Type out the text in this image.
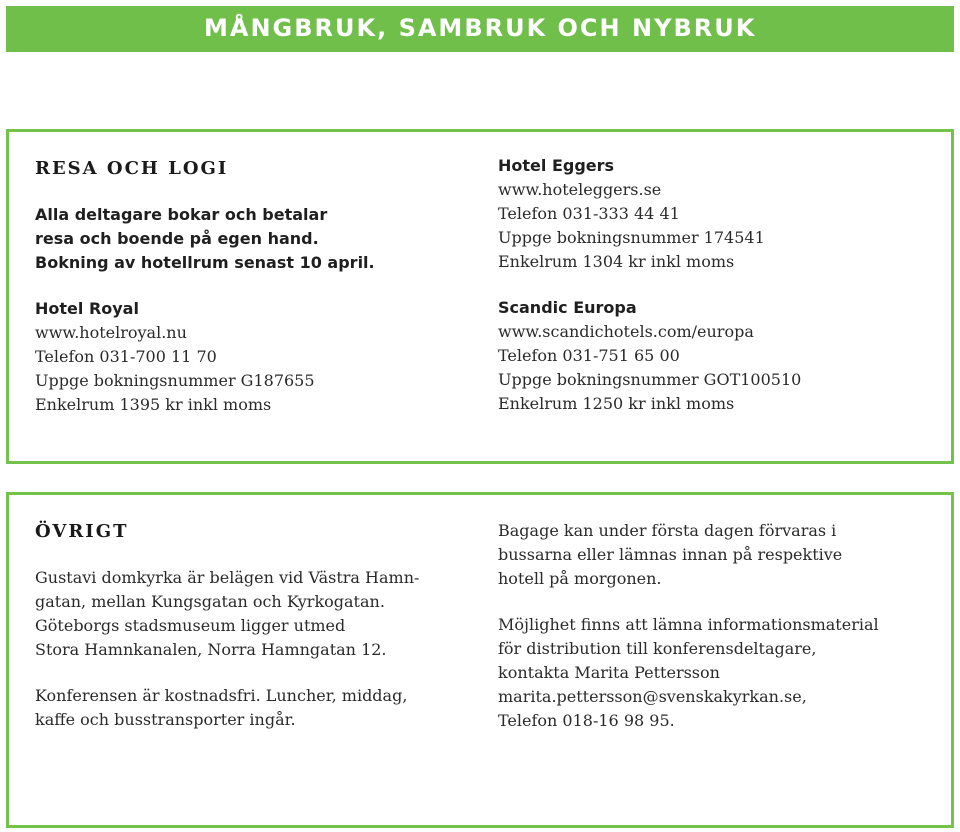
MÅNGBRUK, SAMBRUK OCH NYBRUK
RESA OCH LOGI
Alla deltagare bokar och betalar
resa och boende på egen hand.
Bokning av hotellrum senast 10 april.
Hotel Royal
www.hotelroyal.nu
Telefon 031-700 11 70
Uppge bokningsnummer G187655
Enkelrum 1395 kr inkl moms
Hotel Eggers
www.hoteleggers.se
Telefon 031-333 44 41
Uppge bokningsnummer 174541
Enkelrum 1304 kr inkl moms
Scandic Europa
www.scandichotels.com/europa
Telefon 031-751 65 00
Uppge bokningsnummer GOT100510
Enkelrum 1250 kr inkl moms
ÖVRIGT
Gustavi domkyrka är belägen vid Västra Hamn-
gatan, mellan Kungsgatan och Kyrkogatan.
Göteborgs stadsmuseum ligger utmed
Stora Hamnkanalen, Norra Hamngatan 12.
Konferensen är kostnadsfri. Luncher, middag,
kaffe och busstransporter ingår.
Bagage kan under första dagen förvaras i
bussarna eller lämnas innan på respektive
hotell på morgonen.
Möjlighet finns att lämna informationsmaterial
för distribution till konferensdeltagare,
kontakta Marita Pettersson
marita.pettersson@svenskakyrkan.se,
Telefon 018-16 98 95.
